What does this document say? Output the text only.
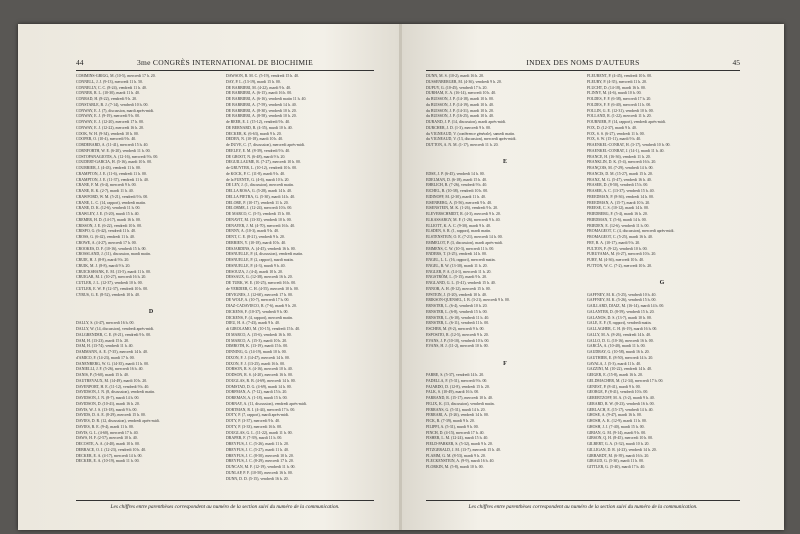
44	3me CONGRÈS INTERNATIONAL DE BIOCHIMIE
COMMINS-GRIGG, M. (10-5), mercredi 17 h. 20.
CONNELL, J. J. (9-13), mercredi 11 h. 50.
CONNELLY, C. C. (8-24), vendredi 11 h. 40.
CONNER, R. L. (10-30), mardi 11 h. 40.
CONRAD, H. (8-22), vendredi 9 h. 20.
CONSTABLE, B. J. (7-14), vendredi 10 h. 00.
CONWAY, E. J. (7), discussion, mardi après-midi.
CONWAY, E. J. (9-19), mercredi 9 h. 00.
CONWAY, E. J. (12-20), mercredi 17 h. 00.
CONWAY, E. J. (12-22), mercredi 16 h. 20.
COOK, W. H. (9-34), vendredi 10 h. 00.
COOPER, O. (10-4), mercredi 9 h. 40.
CORDEBARD, A. (11-41), mercredi 15 h. 40.
CORNFORTH, W. E. (6-20), vendredi 11 h. 00.
COSTOPANAGIOTIS, A. (12-16), mercredi 9 h. 00.
COUDERT-GARCIA, H. (5-16), mardi 10 h. 00.
COURRIER, J. (4-43), vendredi 11 h. 00.
CRAMPTON, J. E. (11-6), vendredi 11 h. 00.
CRAMPTON, J. E. (11-37), vendredi 11 h. 40.
CRANE, F. M. (6-4), mercredi 9 h. 00.
CRANE, R. K. (2-7), mardi 11 h. 40.
CRAWFORD, W. M. (5-21), vendredi 9 h. 00.
CRANE, L. C. (14, rapport), vendredi matin.
CRANE, D. K. (12-6), vendredi 11 h. 00.
CRAWLEY, J. E. (5-20), mardi 15 h. 40.
CREMER, H. D. (14-17), mardi 16 h. 00.
CRISSON, J. E. (6-22), vendredi 10 h. 00.
CRISPO, G. (6-42), vendredi 11 h. 40.
CROSS, G. (6-42), vendredi 11 h. 40.
CROWE, A. (4-27), mercredi 17 h. 00.
CROOKES, D. F. (10-16), vendredi 15 h. 00.
CROSSLAND, J. (11), discussion, mardi matin.
CRUIE, H. J. (8-8), mardi 9 h. 20.
CRUIK, M. J. (8-8), mardi 9 h. 20.
CRUICKSHANK, E. M. (13-5), mardi 11 h. 00.
CRUIGAR, M. J. (10-27), mercredi 16 h. 20.
CUTLER, J. L. (12-37), vendredi 10 h. 00.
CUTLER, E. W. P. (12-37), vendredi 10 h. 00.
CYRUS, G. E. (8-52), vendredi 10 h. 40.
D
DALLY, S. (4-47), mercredi 16 h. 00.
DALLY, W. (14, discussion), vendredi après-midi.
DALGRENDER, C. E. (8-21), vendredi 9 h. 00.
DAM, H. (13-23), mardi 15 h. 20.
DAM, H. (13-74), vendredi 11 h. 40.
DAMMANN, A. E. (7-35), mercredi 14 h. 40.
d'AMICO, F. (14-23), mardi 17 h. 00.
DANENBERG, W. G. (14-35), mardi 11 h. 00.
DANIELLI, J. F. (5-26), mercredi 16 h. 40.
DANIS, P. (5-60), mardi 15 h. 40.
DAUTREVAUX, M. (14-49), mardi 10 h. 20.
DAVENPORT, H. E. (11-12), vendredi 9 h. 40.
DAVIDSON, J. N. (8, discussion), vendredi matin.
DAVIDSON, J. N. (8-7), mardi 14 h. 00.
DAVIDSON, D. (10-41), mardi 16 h. 20.
DAVIS, W. J. S. (13-18), mardi 9 h. 00.
DAVIDS, D. A. E. (8-29), mercredi 15 h. 00.
DAVIES, D. R. (12, discussion), vendredi après-midi.
DAVIES, R. E. (9-4), mardi 11 h. 00.
DAVIS, G. L. (4-60), mercredi 17 h. 40.
DAWS, H. F. (2-57), mercredi 10 h. 40.
DECOSTE, A. A. (4-40), mardi 10 h. 00.
DEBRACE, O. J. (12-23), vendredi 10 h. 40.
DECKER, E. A. (4-17), mercredi 14 h. 00.
DECKER, E. A. (10-19), mardi 11 h. 00.
DAWSON, R. M. C. (5-19), vendredi 15 h. 40.
DAY, P. L. (13-19), mardi 15 h. 00.
DE BARBIERI, M. (4-22), mardi 9 h. 40.
DE BARBIERI, A. (6-15), mardi 16 h. 00.
DE BARBIERI, A. (6-16), vendredi matin 11 h. 40.
DE BARBIERI, A. (7-59), vendredi 14 h. 40.
DE BARBIERI, A. (8-30), vendredi 10 h. 20.
DE BARBIERI, A. (8-58), vendredi 10 h. 20.
de BEER, E. J. (15-12), vendredi 9 h. 40.
DE BERNARD, B. (4-35), mardi 10 h. 40.
DECKER, K. (6-63), mardi 9 h. 20.
DEDEN, N. (10-18), mardi 10 h. 40.
de DUVE, C. (7, discussion), mercredi après-midi.
DEELEY, E. M. (8-39), vendredi 9 h. 40.
DE GROOT, N. (6-48), mardi 9 h. 20.
DEGUILLAUME, R. (7-27), mercredi 10 h. 00.
de GRUYTER, L. (10-12), vendredi 10 h. 00.
de KOCK, P. C. (11-8), mardi 9 h. 40.
de la FUENTE, G. (4-6), mardi 10 h. 20.
DE LEY, J. (1, discussion), mercredi matin.
DELLA ROSA, G. (5-28), mardi 14 h. 40.
DELLA PIETRA, G. (5-30), mardi 14 h. 40.
DELORE, P. (10-17), vendredi 11 h. 20.
DELORME, J. (12-24), mercredi 10 h. 00.
DE MARCO, C. (5-5), vendredi 15 h. 00.
DENAVIT, M. (13-35), vendredi 10 h. 00.
DENAYER, J. M. (4-70), mercredi 16 h. 40.
DENNY, A. (10-3), mardi 9 h. 40.
DENT, C. E. (8-21), vendredi 9 h. 20.
DERRIEN, Y. (10-18), mardi 10 h. 40.
DESJARDINS, A. (4-45), vendredi 16 h. 00.
DESNUELLE, P. (4, discussion), vendredi matin.
DESNUELLE, P. (2, rapport), mardi matin.
DESNUELLE, P. (4-3), mardi 9 h. 40.
DESOUZA, J. (4-4), mardi 10 h. 20.
DESSAUX, G. (12-38), mercredi 16 h. 20.
DE TURK, W. E. (10-25), mercredi 16 h. 00.
de VERDIER, C. H. (4-55), mercredi 10 h. 00.
DEVIGNES, J. (12-60), mercredi 17 h. 00.
DE WOLF, A. (10-7), mercredi 17 h. 00.
DIAZ-CADAVIECO, R. (7-6), mardi 9 h. 20.
DICKENS, F. (10-37), vendredi 9 h. 00.
DICKENS, F. (4, rapport), mercredi matin.
DIEU, H. A. (7-43), mardi 9 h. 40.
di GIROLAMO, M. (10-15), vendredi 15 h. 40.
DI MARCO, A. (15-6), vendredi 16 h. 00.
DI MARCO, A. (15-3), mardi 10 h. 20.
DIMROTH, K. (13-19), mardi 15 h. 00.
DINNING, G. (14-19), mardi 10 h. 00.
DIXON, F. J. (14-47), mercredi 14 h. 00.
DIXON, F. J. (13-25), mardi 16 h. 00.
DOBSON, R. S. (4-16), mercredi 10 h. 40.
DODSON, R. S. (4-20), mercredi 16 h. 00.
DOUGLAS, R. B. (4-69), mercredi 14 h. 00.
DOMSTAD, D. G. (4-69), mardi 14 h. 00.
DORFMAN, A. (7-12), mardi 15 h. 20.
DOREMAN, A. (1-18), mardi 15 h. 00.
DORNAY, A. (11, discussion), vendredi après-midi.
DORTMAN, R. I. (4-44), mercredi 17 h. 00.
DOTY, P. (7, rapport), mardi après-midi.
DOTY, P. (3-37), mercredi 9 h. 40.
DOTY, P. (3-33), mercredi 16 h. 00.
DOUGLAS, G. L. (11-22), mardi 11 h. 00.
DRAPER, F. (7-39), mardi 11 h. 00.
DREYFUS, J. C. (5-26), mardi 11 h. 20.
DREYFUS, J. C. (5-27), mardi 11 h. 40.
DREYFUS, J. C. (8-50), mercredi 10 h. 20.
DREYFUS, J. C. (8-29), mercredi 17 h. 20.
DUNCAN, M. F. (12-19), vendredi 11 h. 00.
DUNLAP, P. F. (10-50), mercredi 16 h. 00.
DUNN, D. D. (5-15), vendredi 16 h. 20.
Les chiffres entre parenthèses correspondent au numéro de la section suivi du numéro de la communication.
INDEX DES NOMS D'AUTEURS	45
DUNN, M. S. (10-2), mardi 16 h. 20.
DUSSENBERGER, M. (4-36), vendredi 9 h. 20.
DUPUY, G. (10-45), vendredi 17 h. 20.
DURHAM, E. A. (16-14), mercredi 10 h. 40.
du BUISSON, J. P. (14-18), mardi 10 h. 00.
du BUISSON, J. P. (14-19), mardi 10 h. 40.
du BUISSON, J. P. (14-31), mardi 10 h. 20.
du BUISSON, J. P. (16-25), mardi 10 h. 40.
DURAND, J. P. (14, discussion), mardi après-midi.
DURCHER, J. D. (1-3), mercredi 9 h. 00.
du VIGNEAUD, V. (conférence générale), samedi matin.
du VIGNEAUD, V. (13, discussion), mercredi après-midi.
DUTTON, A. N. M. (1-17), mercredi 11 h. 20.
E
EDSE, J. P. (6-45), vendredi 14 h. 00.
EDELMAN, D. (6-18), mardi 15 h. 40.
EHRLICH, B. (7-26), vendredi 9 h. 40.
EICHEL, B. (10-38), vendredi 10 h. 00.
EIDINOFF, M. (2-30), mardi 11 h. 40.
EISENBERG, A. (5-56), mercredi 9 h. 40.
EISENSTEIN, M. K. (1-26), vendredi 9 h. 20.
ELEVERSCHMIDT, R. (4-3), mercredi 9 h. 20.
ELKASSABGY, M. F. (1-26), mercredi 9 h. 40.
ELLIOTT, K. A. C. (9-30), mardi 9 h. 40.
ELSDEN, S. R. (1, rapport), mardi matin.
ELSTENSTEIN, O. E. (7-21), mercredi 14 h. 00.
EMMELOT, P. (3, discussion), mardi après-midi.
EMMENS, C. W. (10-3), mercredi 11 h. 00.
ENDERS, T. (3-25), vendredi 14 h. 00.
ENGEL, L. L. (16, rapport), mercredi matin.
ENGEL, R. W. (13-30), mardi 11 h. 20.
ENGLER, P. A. (14-1), mercredi 11 h. 20.
ENGSTRÖM, L. (5-15), mardi 9 h. 20.
ENGLAND, G. L. (5-41), vendredi 15 h. 40.
ENNOR, A. H. (8-12), mercredi 15 h. 00.
EPSTEIN, J. (5-20), vendredi 10 h. 40.
ERIKSON-QUENSEL, I. B. (3-21), mercredi 9 h. 00.
ERNSTER, L. (6-4), vendredi 10 h. 20.
ERNSTER, L. (6-8), vendredi 15 h. 00.
ERNSTER, L. (6-10), vendredi 11 h. 40.
ERNSTER, L. (6-11), vendredi 11 h. 00.
ESCHER, M. (8-2), mercredi 9 h. 00.
ESPOSITO, R. (12-5), mercredi 9 h. 20.
EVANS, J. P. (10-10), vendredi 10 h. 00.
EVANS, H. J. (11-2), mercredi 10 h. 00.
F
FABRE, S. (5-37), vendredi 14 h. 20.
FADELLA, F. (5-31), mercredi 9 h. 00.
FAJARDO, D. (12-8), vendredi 15 h. 20.
FALK, S. (10-49), mardi 16 h. 00.
FARRAND, R. (15-17), mercredi 10 h. 40.
FELIX, K. (13, discussion), vendredi matin.
FERRANS, G. (5-31), mardi 14 h. 20.
FERRARI, A. (5-26), vendredi 14 h. 00.
FICK, R. (7-39), mardi 9 h. 20.
FILIPPI, A. (5-31), mardi 9 h. 00.
FINCH, D. (4-15), mercredi 17 h. 40.
FISHER, L. M. (12-24), mardi 15 h. 40.
FIELD-PARKER, S. (5-32), mardi 9 h. 20.
FITZGERALD, J. M. (13-7), mercredi 15 h. 40.
FLAMM, G. M. (8-53), mardi 9 h. 20.
FLECKENSTEIN, A. (9-9), mardi 16 h. 40.
FLORKIN, M. (5-8), mardi 10 h. 00.
FLEURENT, P. (4-45), vendredi 10 h. 00.
FLEURY, P. (4-35), mercredi 11 h. 20.
FLUCHT, D. (14-18), mardi 16 h. 00.
FLINNY, M. (4-6), mardi 10 h. 00.
FOLDES, F. F. (6-38), mercredi 17 h. 20.
FOLDES, F. F. (6-40), mercredi 11 h. 00.
FOLLIN, G. E. (12-31), vendredi 10 h. 00.
FOLLAND, R. (1-22), mercredi 11 h. 20.
FOURNIER, P. (14, rapport), vendredi après-midi.
FOX, D. (12-37), mardi 9 h. 40.
FOX, S. S. (6-27), vendredi 11 h. 00.
FOX, S. W. (15-11), mardi 9 h. 40.
FRAENKEL-CONRAT, H. (3-17), vendredi 10 h. 00.
FRAENKEL-CONRAT, J. (14-1), mardi 11 h. 40.
FRANCE, H. (16-36), vendredi 11 h. 20.
FRANKLIN, D. K. (5-4), mercredi 16 h. 20.
FRANÇOIS, M. (7-29), vendredi 14 h. 00.
FRANCIS, D. M. (15-27), mardi 15 h. 20.
FRANZ, M. G. (5-47), vendredi 16 h. 40.
FRASER, D. (8-50), vendredi 15 h. 00.
FRASER, A. C. (13-37), vendredi 15 h. 40.
FREEDMAN, P. (8-36), vendredi 14 h. 00.
FREEDMAN, A. (15-7), mardi 10 h. 20.
FREESE, C. S. (10-12), mardi 14 h. 00.
FRIEDBERG, F. (5-4), mardi 16 h. 20.
FRIEDMAN, T. (5-6), mardi 14 h. 00.
FRIEDEN, E. (12-6), vendredi 11 h. 00.
FROMAGEOT, C. (4, discussion), mercredi après-midi.
FROMAGEOT, C. (5-25), mardi 16 h. 40.
FRY, B. A. (10-17), mardi 9 h. 20.
FULTON, F. (9-12), vendredi 10 h. 00.
FURUYAMA, M. (6-27), mercredi 10 h. 20.
FURY, M. (4-36), mercredi 10 h. 40.
FUTTON, W. C. (7-2), mercredi 10 h. 20.
G
GAFFNEY, M. K. (5-25), vendredi 10 h. 40.
GAFFNEY, M. K. (5-26), vendredi 15 h. 00.
GAILLARD, DJAIZ, M. (16-14), mardi 14 h. 00.
GALANTER, D. (8-59), vendredi 15 h. 20.
GALANOS, D. S. (13-7), mardi 10 h. 00.
GALE, E. F. (8, rapport), vendredi matin.
GALLAGHER, C. H. (6-19), mardi 16 h. 00.
GALLY, M. A. (8-26), vendredi 14 h. 40.
GALLO, D. G. (10-16), mercredi 16 h. 00.
GARCÍA, A. (10-40), mardi 11 h. 00.
GAUDRAY, G. (10-58), mardi 16 h. 20.
GAUTHIER, E. (8-50), mercredi 14 h. 20.
GAVALA, J. (5-3), mardi 11 h. 40.
GAZZINI, M. (10-22), vendredi 14 h. 40.
GEIGER, E. (15-8), mardi 16 h. 20.
GELDMACHER, M. (12-34), mercredi 17 h. 00.
GENEST, P. (8-41), mardi 9 h. 00.
GEORGE, P. (8-41), vendredi 10 h. 00.
GEREBTZOFF, M. A. (3-2), mardi 9 h. 40.
GERARD, R. W. (8-23), vendredi 16 h. 00.
GERLACH, E. (15-17), vendredi 14 h. 40.
GHOSE, A. (9-47), mardi 16 h. 00.
GHOSH, A. K. (12-9), mardi 11 h. 00.
GHOSH, J. J. (7-40), mardi 15 h. 00.
GIBIAN, G. M. (9-14), mardi 9 h. 00.
GIBSON, Q. H. (8-45), mercredi 10 h. 00.
GILBERT, G. A. (3-32), mardi 10 h. 20.
GILLIGAN, D. R. (4-23), vendredi 14 h. 20.
GIRBARDT, M. (6-39), mardi 16 h. 20.
GIRAUD, G. (5-30), mardi 11 h. 00.
GITTLER, G. (5-40), mardi 17 h. 40.
Les chiffres entre parenthèses correspondent au numéro de la section suivi du numéro de la communication.
